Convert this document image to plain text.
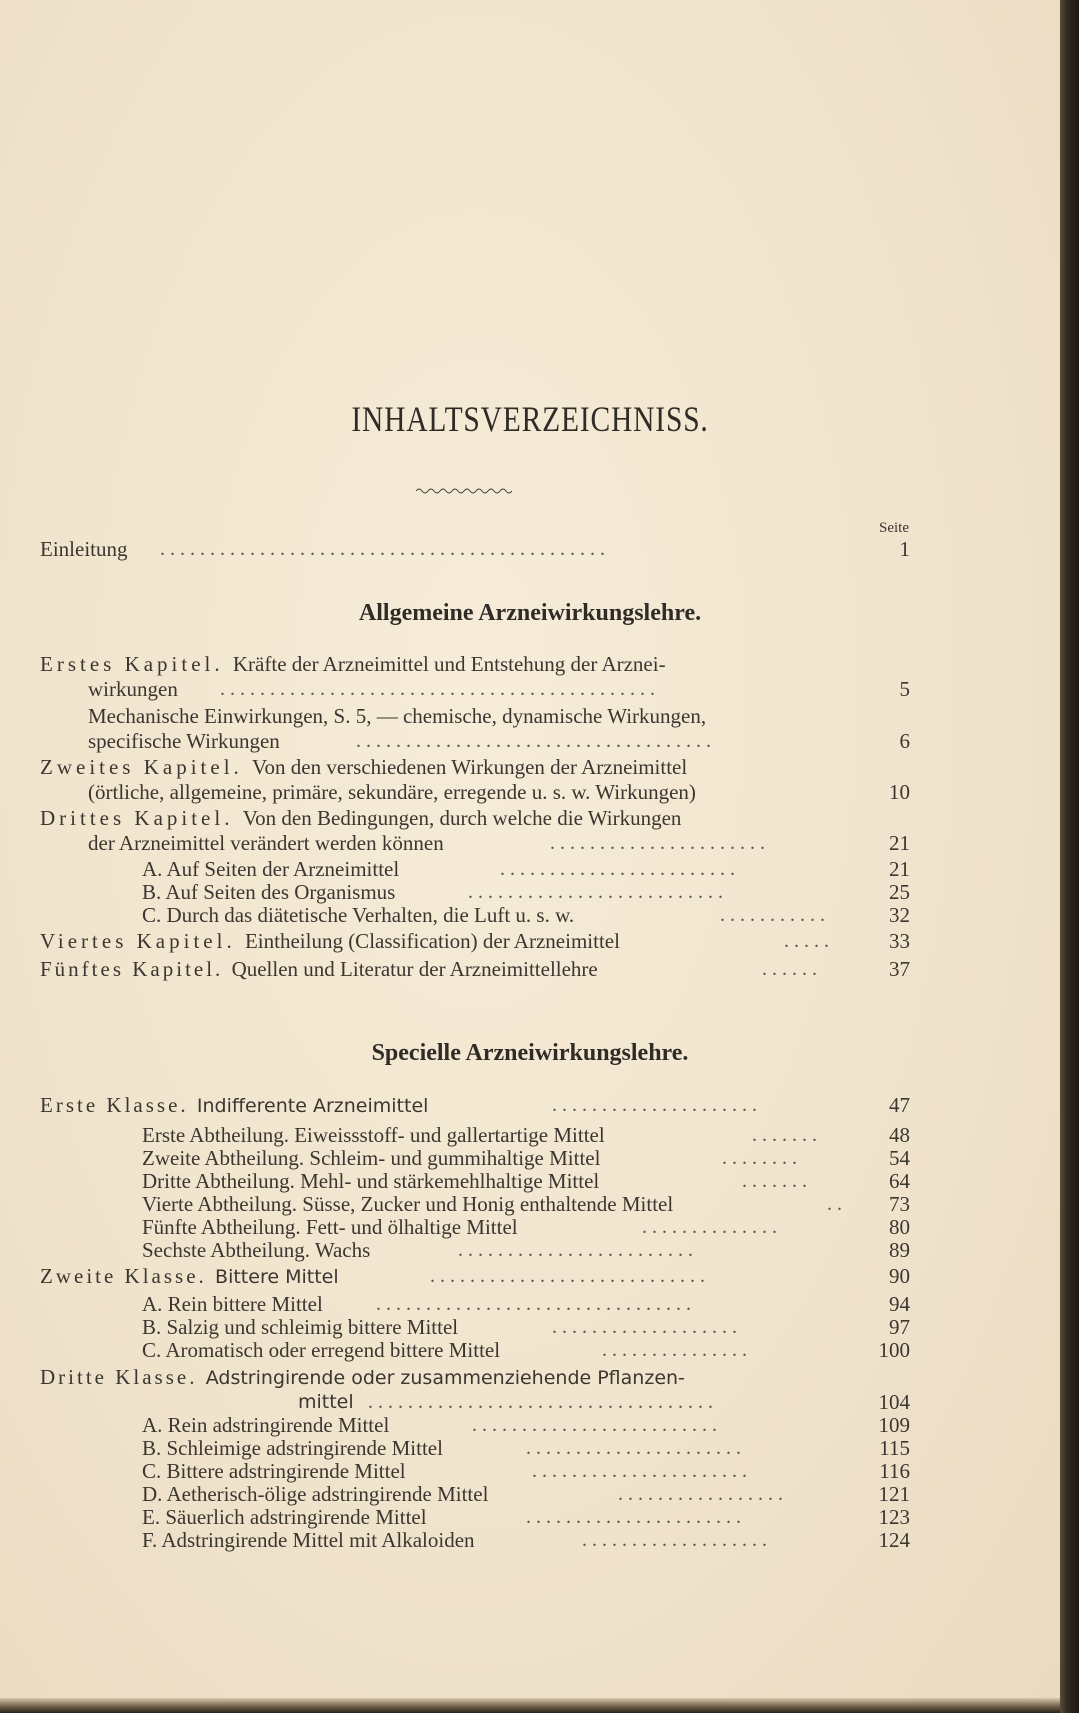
INHALTSVERZEICHNISS.
Seite
Einleitung . . . . . . . . . . . . . . . . . . . . . . . . . . . . . . . . . . . . . . . . . . . . .	1
Allgemeine Arzneiwirkungslehre.
Erstes Kapitel. Kräfte der Arzneimittel und Entstehung der Arznei-
wirkungen . . . . . . . . . . . . . . . . . . . . . . . . . . . . . . . . . . . . . . . . . . . .	5
Mechanische Einwirkungen, S. 5, — chemische, dynamische Wirkungen,
specifische Wirkungen	. . . . . . . . . . . . . . . . . . . . . . . . . . . . . . . . . . . .	6
Zweites Kapitel. Von den verschiedenen Wirkungen der Arzneimittel
(örtliche, allgemeine, primäre, sekundäre, erregende u. s. w. Wirkungen)	10
Drittes Kapitel. Von den Bedingungen, durch welche die Wirkungen
der Arzneimittel verändert werden können	. . . . . . . . . . . . . . . . . . . . . .	21
A. Auf Seiten der Arzneimittel	. . . . . . . . . . . . . . . . . . . . . . . .	21
B. Auf Seiten des Organismus	. . . . . . . . . . . . . . . . . . . . . . . . . .	25
C. Durch das diätetische Verhalten, die Luft u. s. w.	. . . . . . . . . . .	32
Viertes Kapitel. Eintheilung (Classification) der Arzneimittel	. . . . .	33
Fünftes Kapitel. Quellen und Literatur der Arzneimittellehre	. . . . . .	37
Specielle Arzneiwirkungslehre.
Erste Klasse. Indifferente Arzneimittel	. . . . . . . . . . . . . . . . . . . . .	47
Erste Abtheilung. Eiweissstoff- und gallertartige Mittel	. . . . . . .	48
Zweite Abtheilung. Schleim- und gummihaltige Mittel	. . . . . . . .	54
Dritte Abtheilung. Mehl- und stärkemehlhaltige Mittel	. . . . . . .	64
Vierte Abtheilung. Süsse, Zucker und Honig enthaltende Mittel	. .	73
Fünfte Abtheilung. Fett- und ölhaltige Mittel	. . . . . . . . . . . . . .	80
Sechste Abtheilung. Wachs	. . . . . . . . . . . . . . . . . . . . . . . .	89
Zweite Klasse. Bittere Mittel	. . . . . . . . . . . . . . . . . . . . . . . . . . . .	90
A. Rein bittere Mittel	. . . . . . . . . . . . . . . . . . . . . . . . . . . . . . . .	94
B. Salzig und schleimig bittere Mittel	. . . . . . . . . . . . . . . . . . .	97
C. Aromatisch oder erregend bittere Mittel	. . . . . . . . . . . . . . .	100
Dritte Klasse. Adstringirende oder zusammenziehende Pflanzen-
mittel . . . . . . . . . . . . . . . . . . . . . . . . . . . . . . . . . . .	104
A. Rein adstringirende Mittel	. . . . . . . . . . . . . . . . . . . . . . . . .	109
B. Schleimige adstringirende Mittel	. . . . . . . . . . . . . . . . . . . . . .	115
C. Bittere adstringirende Mittel	. . . . . . . . . . . . . . . . . . . . . .	116
D. Aetherisch-ölige adstringirende Mittel	. . . . . . . . . . . . . . . . .	121
E. Säuerlich adstringirende Mittel	. . . . . . . . . . . . . . . . . . . . . .	123
F. Adstringirende Mittel mit Alkaloiden	. . . . . . . . . . . . . . . . . . .	124
